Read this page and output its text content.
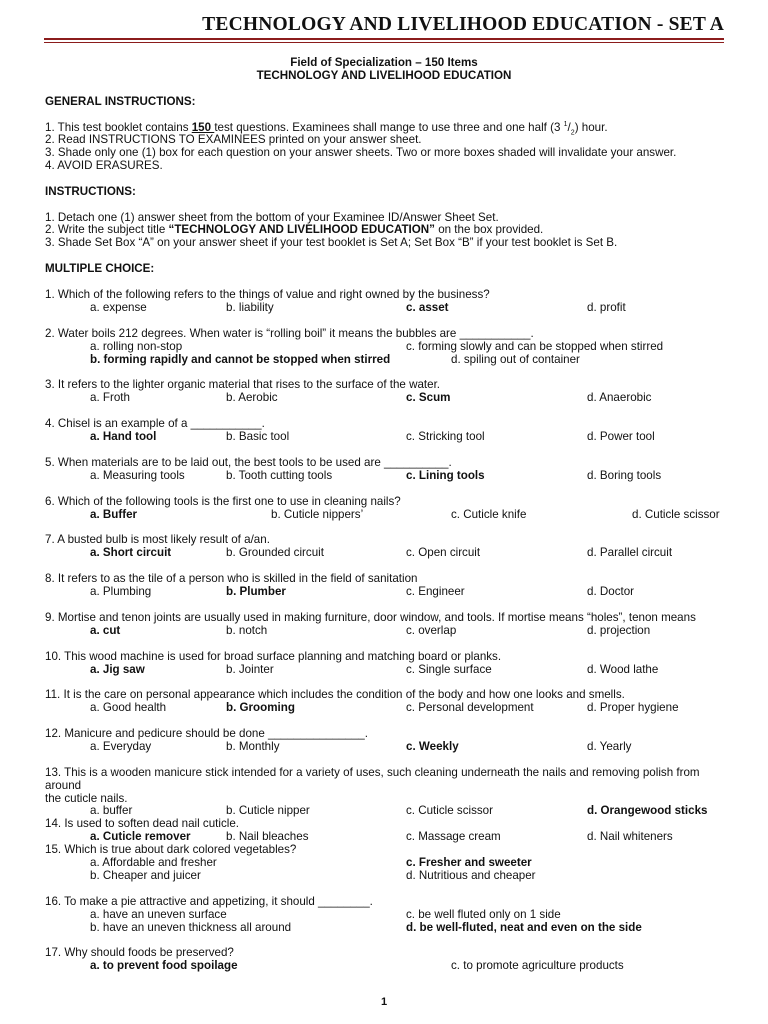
TECHNOLOGY AND LIVELIHOOD EDUCATION - SET A
Field of Specialization – 150 Items
TECHNOLOGY AND LIVELIHOOD EDUCATION
GENERAL INSTRUCTIONS:
1. This test booklet contains 150 test questions. Examinees shall mange to use three and one half (3 $^1/_2$) hour.
2. Read INSTRUCTIONS TO EXAMINEES printed on your answer sheet.
3. Shade only one (1) box for each question on your answer sheets. Two or more boxes shaded will invalidate your answer.
4. AVOID ERASURES.
INSTRUCTIONS:
1. Detach one (1) answer sheet from the bottom of your Examinee ID/Answer Sheet Set.
2. Write the subject title “TECHNOLOGY AND LIVELIHOOD EDUCATION” on the box provided.
3. Shade Set Box “A” on your answer sheet if your test booklet is Set A; Set Box “B” if your test booklet is Set B.
MULTIPLE CHOICE:
1. Which of the following refers to the things of value and right owned by the business?
a. expense	b. liability	c. asset	d. profit
2. Water boils 212 degrees. When water is “rolling boil” it means the bubbles are ___________.
a. rolling non-stop	c. forming slowly and can be stopped when stirred
b. forming rapidly and cannot be stopped when stirred	d. spiling out of container
3. It refers to the lighter organic material that rises to the surface of the water.
a. Froth	b. Aerobic	c. Scum	d. Anaerobic
4. Chisel is an example of a ___________.
a. Hand tool	b. Basic tool	c. Stricking tool	d. Power tool
5. When materials are to be laid out, the best tools to be used are __________.
a. Measuring tools	b. Tooth cutting tools	c. Lining tools	d. Boring tools
6. Which of the following tools is the first one to use in cleaning nails?
a. Buffer	b. Cuticle nippers’	c. Cuticle knife	d. Cuticle scissor
7. A busted bulb is most likely result of a/an.
a. Short circuit	b. Grounded circuit	c. Open circuit	d. Parallel circuit
8. It refers to as the tile of a person who is skilled in the field of sanitation
a. Plumbing	b. Plumber	c. Engineer	d. Doctor
9. Mortise and tenon joints are usually used in making furniture, door window, and tools. If mortise means “holes”, tenon means
a. cut	b. notch	c. overlap	d. projection
10. This wood machine is used for broad surface planning and matching board or planks.
a. Jig saw	b. Jointer	c. Single surface	d. Wood lathe
11. It is the care on personal appearance which includes the condition of the body and how one looks and smells.
a. Good health	b. Grooming	c. Personal development	d. Proper hygiene
12. Manicure and pedicure should be done _______________.
a. Everyday	b. Monthly	c. Weekly	d. Yearly
13. This is a wooden manicure stick intended for a variety of uses, such cleaning underneath the nails and removing polish from around
the cuticle nails.
a. buffer	b. Cuticle nipper	c. Cuticle scissor	d. Orangewood sticks
14. Is used to soften dead nail cuticle.
a. Cuticle remover	b. Nail bleaches	c. Massage cream	d. Nail whiteners
15. Which is true about dark colored vegetables?
a. Affordable and fresher	c. Fresher and sweeter
b. Cheaper and juicer	d. Nutritious and cheaper
16. To make a pie attractive and appetizing, it should ________.
a. have an uneven surface	c. be well fluted only on 1 side
b. have an uneven thickness all around	d. be well-fluted, neat and even on the side
17. Why should foods be preserved?
a. to prevent food spoilage	c. to promote agriculture products
1
